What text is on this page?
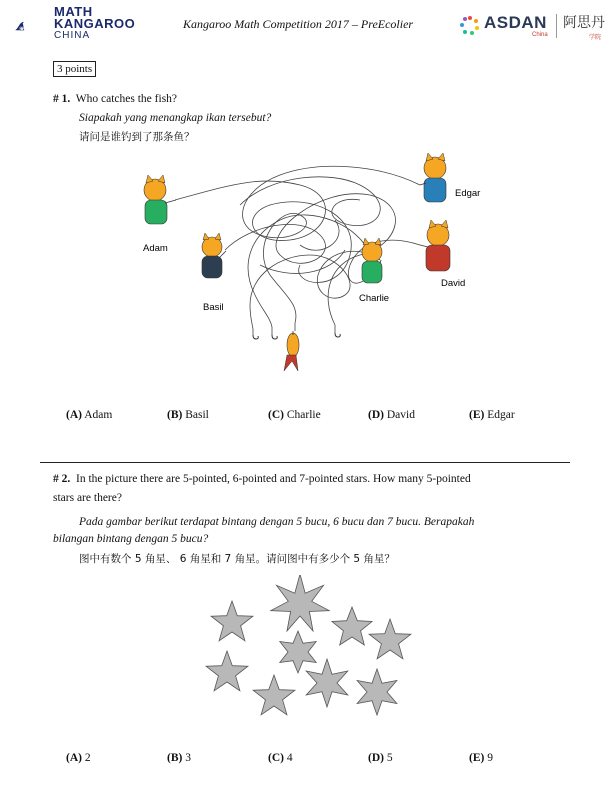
MATH
KANGAROO
CHINA
Kangaroo Math Competition 2017 – PreEcolier	ASDAN
China
阿思丹
学院
3 points
# 1. Who catches the fish?
Siapakah yang menangkap ikan tersebut?
请问是谁钓到了那条鱼？
Adam
Basil
Charlie
David
Edgar
(A) Adam	(B) Basil	(C) Charlie	(D) David	(E) Edgar
# 2. In the picture there are 5-pointed, 6-pointed and 7-pointed stars. How many 5-pointed
stars are there?
Pada gambar berikut terdapat bintang dengan 5 bucu, 6 bucu dan 7 bucu. Berapakah
bilangan bintang dengan 5 bucu?
图中有数个 5 角星、 6 角星和 7 角星。请问图中有多少个 5 角星？
(A) 2	(B) 3	(C) 4	(D) 5	(E) 9
